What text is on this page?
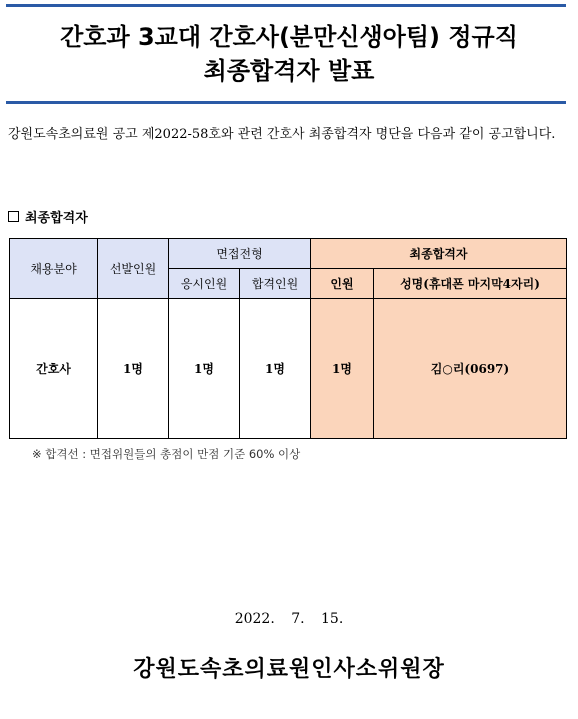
간호과 3교대 간호사(분만신생아팀) 정규직
최종합격자 발표
강원도속초의료원 공고 제2022-58호와 관련 간호사 최종합격자 명단을 다음과 같이 공고합니다.
최종합격자
채용분야	선발인원	면접전형		최종합격자	
		응시인원	합격인원	인원	성명(휴대폰 마지막4자리)
간호사	1명	1명	1명	1명	김○리(0697)
※ 합격선 : 면접위원들의 총점이 만점 기준 60% 이상
2022. 7. 15.
강원도속초의료원인사소위원장
